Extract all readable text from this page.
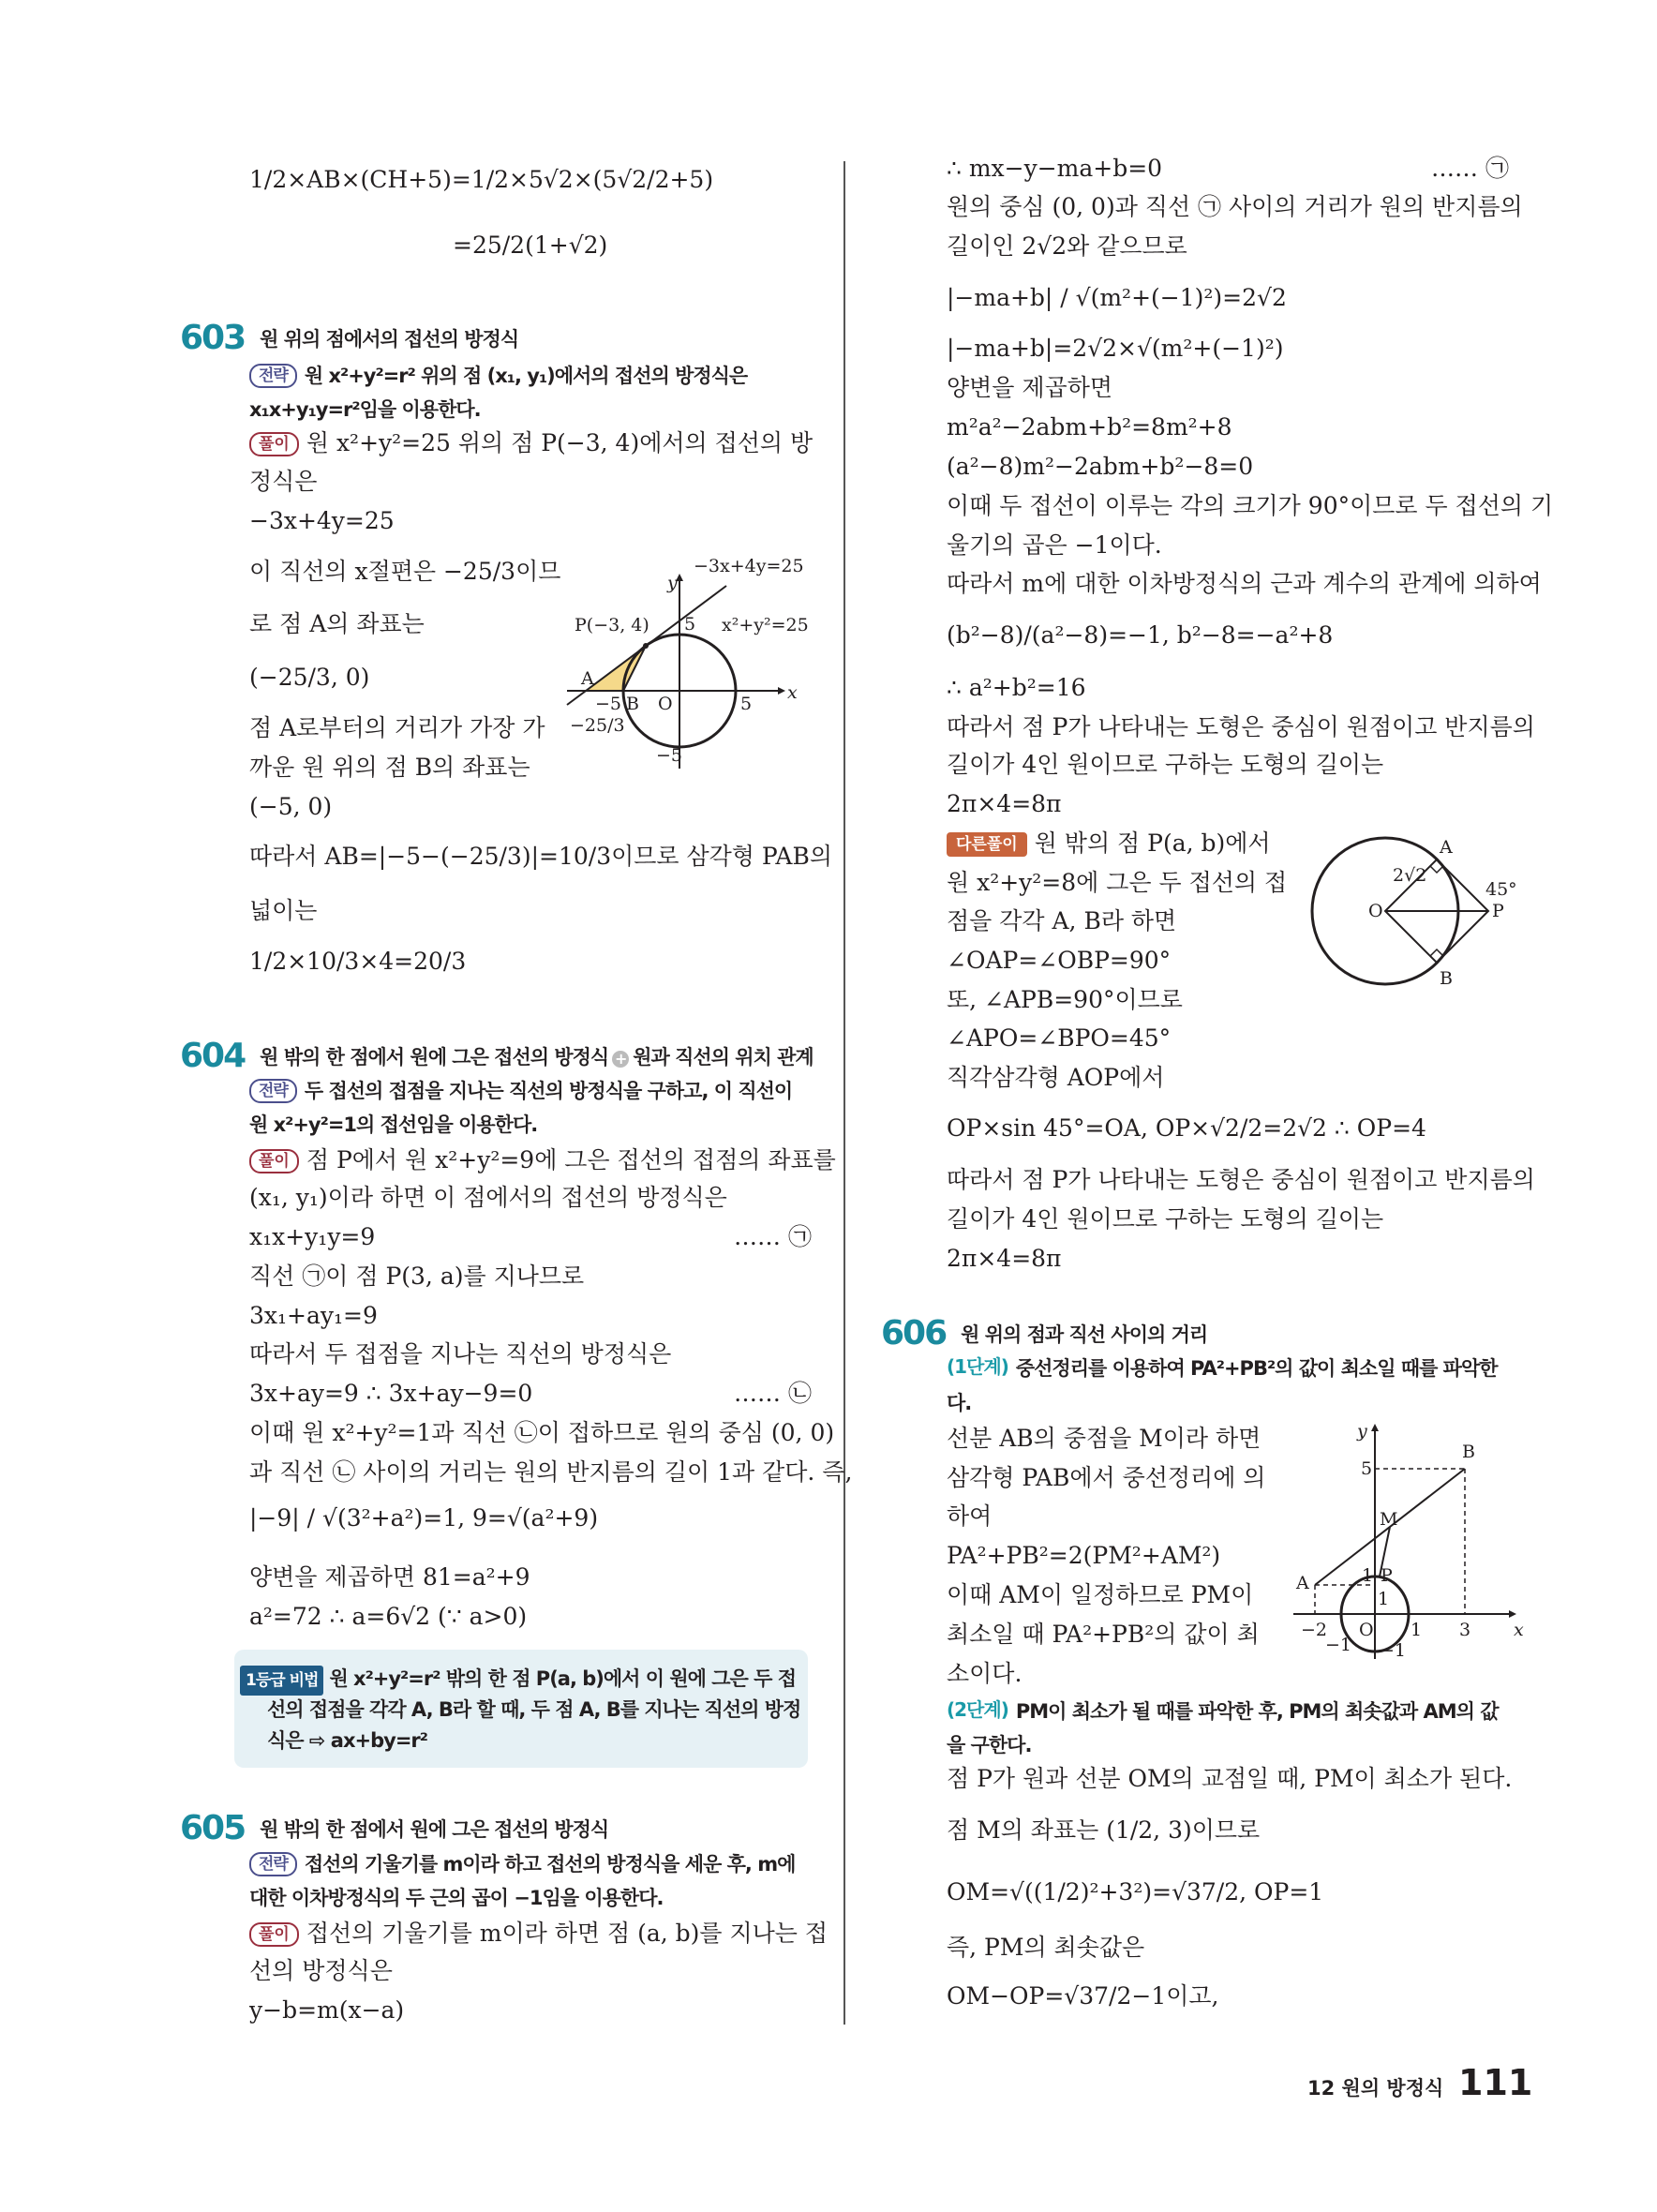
1/2×AB×(CH+5)=1/2×5√2×(5√2/2+5)
=25/2(1+√2)
603 원 위의 점에서의 접선의 방정식
전략 원 x²+y²=r² 위의 점 (x₁, y₁)에서의 접선의 방정식은
x₁x+y₁y=r²임을 이용한다.
풀이 원 x²+y²=25 위의 점 P(−3, 4)에서의 접선의 방
정식은
−3x+4y=25
이 직선의 x절편은 −25/3이므
로 점 A의 좌표는
(−25/3, 0)
점 A로부터의 거리가 가장 가
까운 원 위의 점 B의 좌표는
(−5, 0)
따라서 AB=|−5−(−25/3)|=10/3이므로 삼각형 PAB의
넓이는
1/2×10/3×4=20/3
−3x+4y=25
y
x
P(−3, 4) 5 x²+y²=25
A
−5 B O	5
−25/3
−5
604 원 밖의 한 점에서 원에 그은 접선의 방정식 + 원과 직선의 위치 관계
전략 두 접선의 접점을 지나는 직선의 방정식을 구하고, 이 직선이
원 x²+y²=1의 접선임을 이용한다.
풀이 점 P에서 원 x²+y²=9에 그은 접선의 접점의 좌표를
(x₁, y₁)이라 하면 이 점에서의 접선의 방정식은
x₁x+y₁y=9	…… ㉠
직선 ㉠이 점 P(3, a)를 지나므로
3x₁+ay₁=9
따라서 두 접점을 지나는 직선의 방정식은
3x+ay=9 ∴ 3x+ay−9=0	…… ㉡
이때 원 x²+y²=1과 직선 ㉡이 접하므로 원의 중심 (0, 0)
과 직선 ㉡ 사이의 거리는 원의 반지름의 길이 1과 같다. 즉,
|−9| / √(3²+a²)=1, 9=√(a²+9)
양변을 제곱하면 81=a²+9
a²=72 ∴ a=6√2 (∵ a>0)
1등급 비법 원 x²+y²=r² 밖의 한 점 P(a, b)에서 이 원에 그은 두 접
선의 접점을 각각 A, B라 할 때, 두 점 A, B를 지나는 직선의 방정
식은 ⇨ ax+by=r²
605 원 밖의 한 점에서 원에 그은 접선의 방정식
전략 접선의 기울기를 m이라 하고 접선의 방정식을 세운 후, m에
대한 이차방정식의 두 근의 곱이 −1임을 이용한다.
풀이 접선의 기울기를 m이라 하면 점 (a, b)를 지나는 접
선의 방정식은
y−b=m(x−a)
∴ mx−y−ma+b=0	…… ㉠
원의 중심 (0, 0)과 직선 ㉠ 사이의 거리가 원의 반지름의
길이인 2√2와 같으므로
|−ma+b| / √(m²+(−1)²)=2√2
|−ma+b|=2√2×√(m²+(−1)²)
양변을 제곱하면
m²a²−2abm+b²=8m²+8
(a²−8)m²−2abm+b²−8=0
이때 두 접선이 이루는 각의 크기가 90°이므로 두 접선의 기
울기의 곱은 −1이다.
따라서 m에 대한 이차방정식의 근과 계수의 관계에 의하여
(b²−8)/(a²−8)=−1, b²−8=−a²+8
∴ a²+b²=16
따라서 점 P가 나타내는 도형은 중심이 원점이고 반지름의
길이가 4인 원이므로 구하는 도형의 길이는
2π×4=8π
다른풀이 원 밖의 점 P(a, b)에서
원 x²+y²=8에 그은 두 접선의 접
점을 각각 A, B라 하면
∠OAP=∠OBP=90°
또, ∠APB=90°이므로
∠APO=∠BPO=45°
직각삼각형 AOP에서
OP×sin 45°=OA, OP×√2/2=2√2 ∴ OP=4
따라서 점 P가 나타내는 도형은 중심이 원점이고 반지름의
길이가 4인 원이므로 구하는 도형의 길이는
2π×4=8π
A
B
O	P
2√2
45°
606 원 위의 점과 직선 사이의 거리
(1단계) 중선정리를 이용하여 PA²+PB²의 값이 최소일 때를 파악한
다.
선분 AB의 중점을 M이라 하면
삼각형 PAB에서 중선정리에 의
하여
PA²+PB²=2(PM²+AM²)
이때 AM이 일정하므로 PM이
최소일 때 PA²+PB²의 값이 최
소이다.
(2단계) PM이 최소가 될 때를 파악한 후, PM의 최솟값과 AM의 값
을 구한다.
점 P가 원과 선분 OM의 교점일 때, PM이 최소가 된다.
점 M의 좌표는 (1/2, 3)이므로
OM=√((1/2)²+3²)=√37/2, OP=1
즉, PM의 최솟값은
OM−OP=√37/2−1이고,
y
x
B
5
M
A	1 P
1
−2 O 1 3
−1 −1
12 원의 방정식 111
